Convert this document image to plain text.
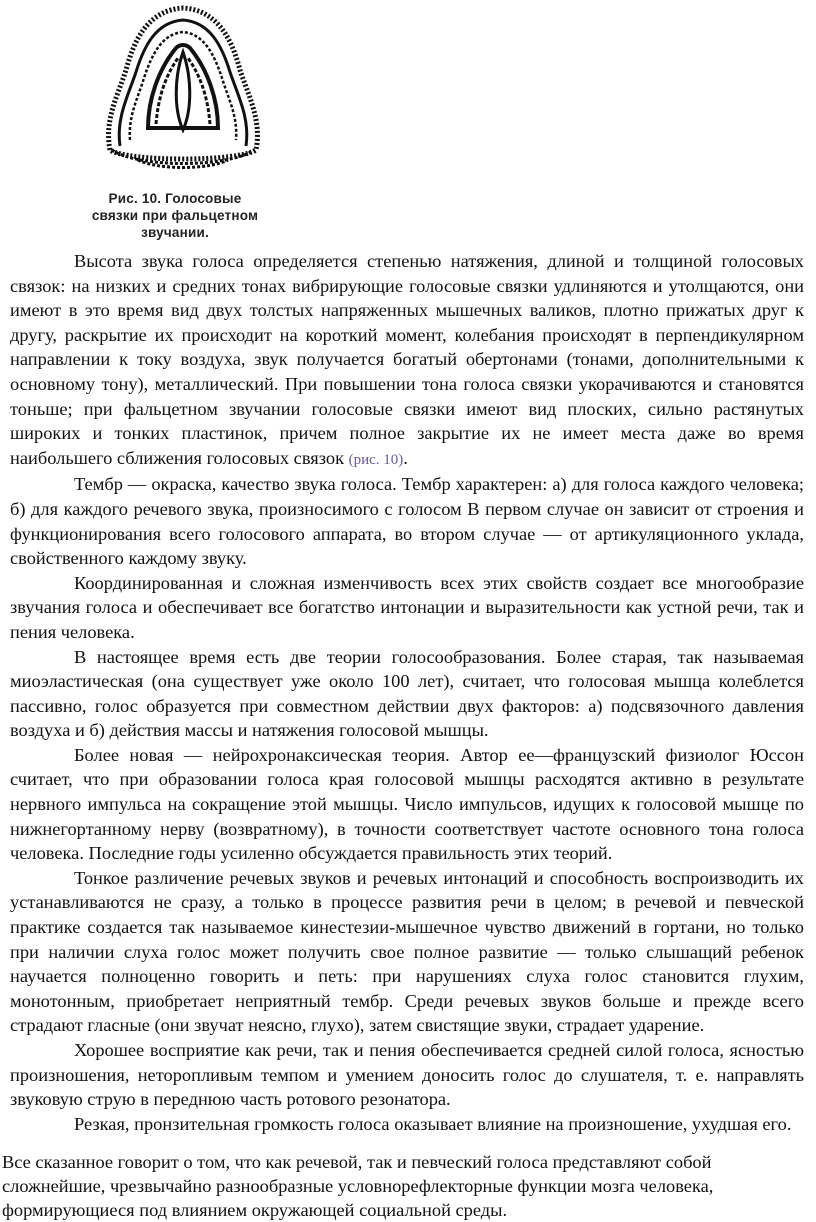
Рис. 10. Голосовые
связки при фальцетном
звучании.

Высота звука голоса определяется степенью натяжения, длиной и толщиной голосовых связок: на низких и средних тонах вибрирующие голосовые связки удлиняются и утолщаются, они имеют в это время вид двух толстых напряженных мышечных валиков, плотно прижатых друг к другу, раскрытие их происходит на короткий момент, колебания происходят в перпендикулярном направлении к току воздуха, звук получается богатый обертонами (тонами, дополнительными к основному тону), металлический. При повышении тона голоса связки укорачиваются и становятся тоньше; при фальцетном звучании голосовые связки имеют вид плоских, сильно растянутых широких и тонких пластинок, причем полное закрытие их не имеет места даже во время наибольшего сближения голосовых связок (рис. 10).

Тембр — окраска, качество звука голоса. Тембр характерен: а) для голоса каждого человека; б) для каждого речевого звука, произносимого с голосом В первом случае он зависит от строения и функционирования всего голосового аппарата, во втором случае — от артикуляционного уклада, свойственного каждому звуку.

Координированная и сложная изменчивость всех этих свойств создает все многообразие звучания голоса и обеспечивает все богатство интонации и выразительности как устной речи, так и пения человека.

В настоящее время есть две теории голосообразования. Более старая, так называемая миоэластическая (она существует уже около 100 лет), считает, что голосовая мышца колеблется пассивно, голос образуется при совместном действии двух факторов: а) подсвязочного давления воздуха и б) действия массы и натяжения голосовой мышцы.

Более новая — нейрохронаксическая теория. Автор ее—французский физиолог Юссон считает, что при образовании голоса края голосовой мышцы расходятся активно в результате нервного импульса на сокращение этой мышцы. Число импульсов, идущих к голосовой мышце по нижнегортанному нерву (возвратному), в точности соответствует частоте основного тона голоса человека. Последние годы усиленно обсуждается правильность этих теорий.

Тонкое различение речевых звуков и речевых интонаций и способность воспроизводить их устанавливаются не сразу, а только в процессе развития речи в целом; в речевой и певческой практике создается так называемое кинестезии-мышечное чувство движений в гортани, но только при наличии слуха голос может получить свое полное развитие — только слышащий ребенок научается полноценно говорить и петь: при нарушениях слуха голос становится глухим, монотонным, приобретает неприятный тембр. Среди речевых звуков больше и прежде всего страдают гласные (они звучат неясно, глухо), затем свистящие звуки, страдает ударение.

Хорошее восприятие как речи, так и пения обеспечивается средней силой голоса, ясностью произношения, неторопливым темпом и умением доносить голос до слушателя, т. е. направлять звуковую струю в переднюю часть ротового резонатора.

Резкая, пронзительная громкость голоса оказывает влияние на произношение, ухудшая его.

Все сказанное говорит о том, что как речевой, так и певческий голоса представляют собой сложнейшие, чрезвычайно разнообразные условнорефлекторные функции мозга человека, формирующиеся под влиянием окружающей социальной среды.
